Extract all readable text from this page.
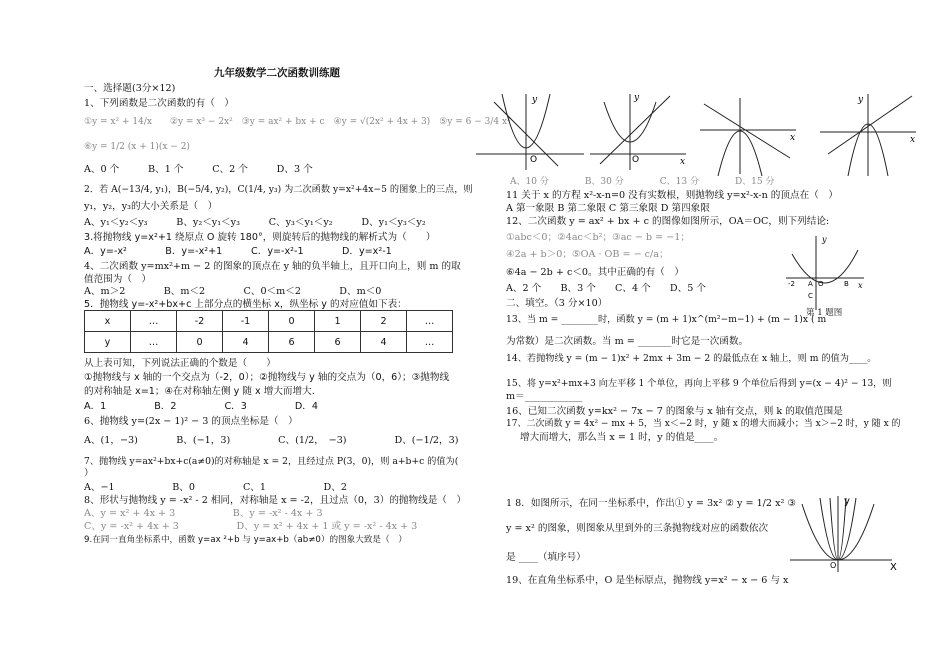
九年级数学二次函数训练题
一、选择题(3分×12)
1、下列函数是二次函数的有（　）
①y = x² + 14/x　　②y = x³ − 2x²　③y = ax² + bx + c　④y = √(2x² + 4x + 3)　⑤y = 6 − 3/4 x²
⑥y = 1/2 (x + 1)(x − 2)
A、0 个　　　B、1 个　　　C、2 个　　　D、3 个
2．若 A(−13/4, y₁)，B(−5/4, y₂)，C(1/4, y₃) 为二次函数 y=x²+4x−5 的图象上的三点，则
y₁，y₂，y₃的大小关系是（　）
A、y₁＜y₂＜y₃　　　B、y₂＜y₁＜y₃　　　C、y₃＜y₁＜y₂　　　D、y₁＜y₃＜y₂
3.将抛物线 y=x²+1 绕原点 O 旋转 180°，则旋转后的抛物线的解析式为（　　）
A．y=-x²　　　　B．y=-x²+1　　　C．y=-x²-1　　　　D．y=x²-1
4、二次函数 y=mx²+m − 2 的图象的顶点在 y 轴的负半轴上，且开口向上，则 m 的取
值范围为（　）
A、m＞2　　　　B、m＜2　　　　C、0＜m＜2　　　　D、m＜0
5．抛物线 y=-x²+bx+c 上部分点的横坐标 x，纵坐标 y 的对应值如下表：
x	…	-2	-1	0	1	2	…
y	…	0	4	6	6	4	…
从上表可知，下列说法正确的个数是（　　）
①抛物线与 x 轴的一个交点为（-2，0）；②抛物线与 y 轴的交点为（0，6）；③抛物线
的对称轴是 x=1；④在对称轴左侧 y 随 x 增大而增大.
A．1　　　　　B．2　　　　　C．3　　　　　D．4
6、抛物线 y=(2x − 1)² − 3 的顶点坐标是（　）
A、(1，−3)　　　　B、(−1，3)　　　　　C、(1/2，　−3)　　　　　D、(−1/2，3)
7、抛物线 y=ax²+bx+c(a≠0)的对称轴是 x = 2，且经过点 P(3，0)，则 a+b+c 的值为(
）
A、−1　　　　　　B、0　　　　　C、1　　　　　　D、2
8、形状与抛物线 y = -x² - 2 相同，对称轴是 x = -2，且过点（0，3）的抛物线是（　）
A、y = x² + 4x + 3　　　　　　B、y = -x² - 4x + 3
C、y = -x² + 4x + 3　　　　　　D、y = x² + 4x + 1 或 y = -x² - 4x + 3
9.在同一直角坐标系中，函数 y=ax ²+b 与 y=ax+b（ab≠0）的图象大致是（　）
y
O
y
x
O
x
y
x
A、10 分　　　　B、30 分　　　　C、13 分　　　　D、15 分
11 关于 x 的方程 x²-x-n=0 没有实数根，则抛物线 y=x²-x-n 的顶点在（　）
A 第一象限 B 第二象限 C 第三象限 D 第四象限
12、二次函数 y = ax² + bx + c 的图像如图所示，OA＝OC，则下列结论:
①abc＜0；②4ac＜b²；③ac − b = −1；
④2a + b＞0；⑤OA · OB = − c/a；
⑥4a − 2b + c＜0。其中正确的有（　）
A、2 个　　B、3 个　　C、4 个　　D、5 个
y
x
-2 A O	B
C
第 1 题图
二、填空。（3 分×10）
13、当 m = ________时，函数 y = (m + 1)x^(m²−m−1) + (m − 1)x ( m
为常数）是二次函数。当 m = _______时它是一次函数。
14、若抛物线 y = (m − 1)x² + 2mx + 3m − 2 的最低点在 x 轴上，则 m 的值为____。
15、将 y=x²+mx+3 向左平移 1 个单位，再向上平移 9 个单位后得到 y=(x − 4)² − 13，则
m＝____________
16、已知二次函数 y=kx² − 7x − 7 的图象与 x 轴有交点，则 k 的取值范围是
17、二次函数 y = 4x² − mx + 5，当 x＜−2 时，y 随 x 的增大而减小；当 x＞−2 时，y 随 x 的
增大而增大，那么当 x = 1 时，y 的值是____。
1 8．如图所示，在同一坐标系中，作出① y = 3x² ② y = 1/2 x² ③
y = x² 的图象，则图象从里到外的三条抛物线对应的函数依次
是 ____（填序号）
19、在直角坐标系中，O 是坐标原点，抛物线 y=x² − x − 6 与 x
y
X
O
